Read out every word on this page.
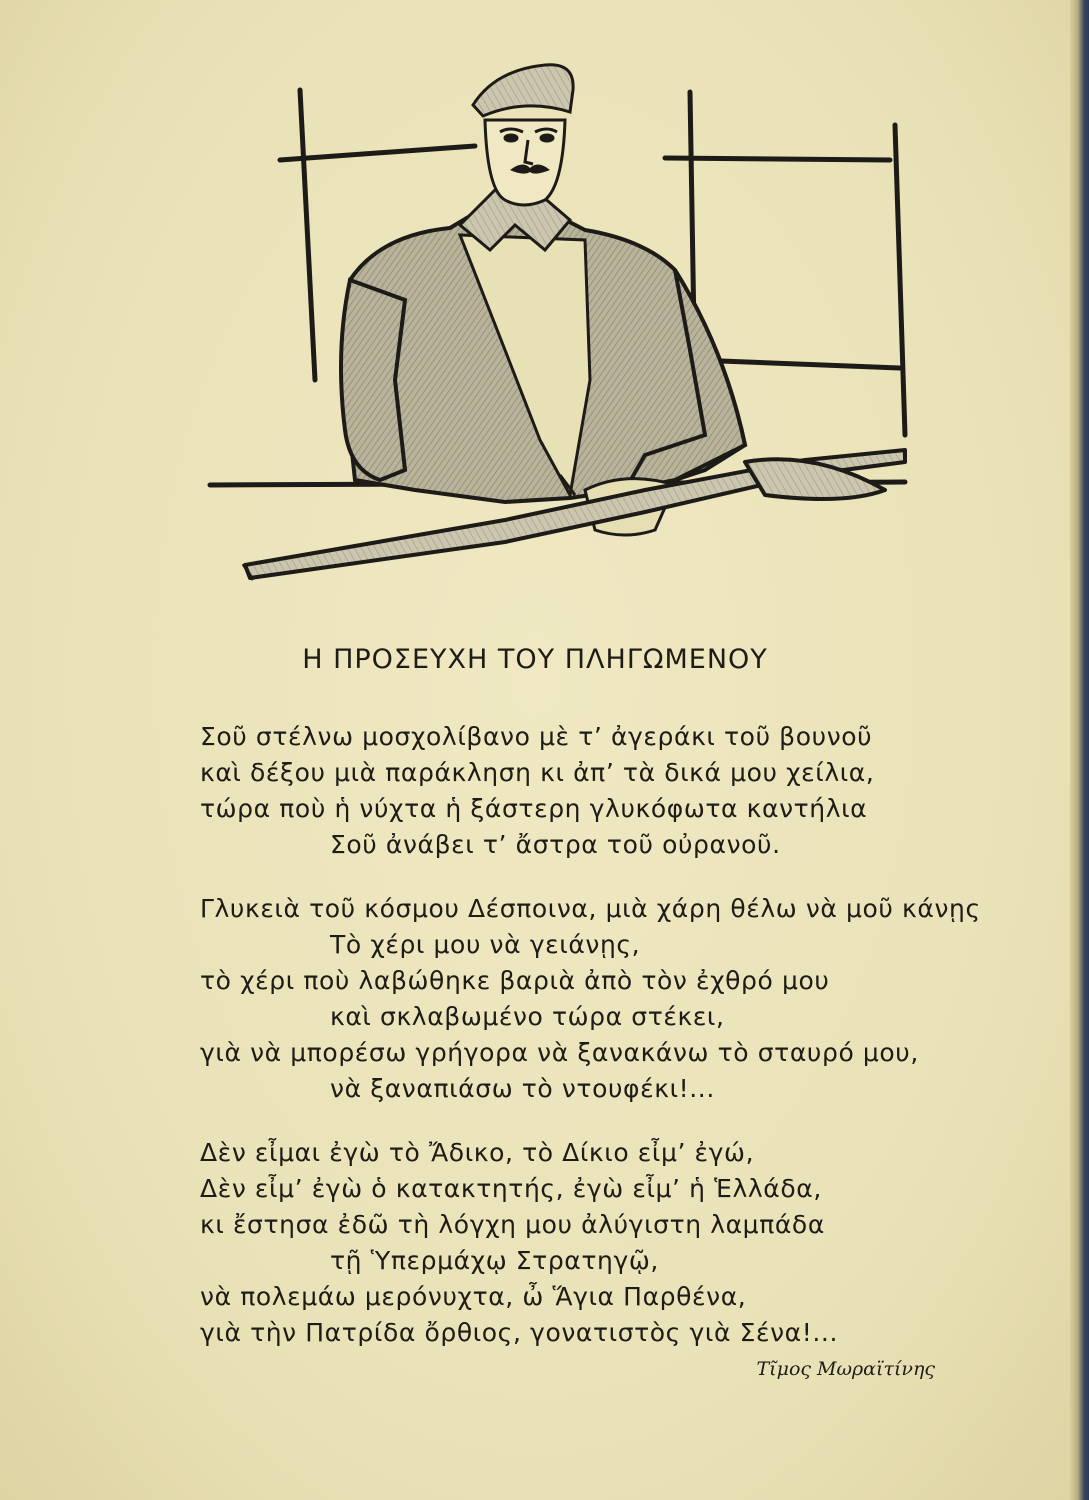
Η ΠΡΟΣΕΥΧΗ ΤΟΥ ΠΛΗΓΩΜΕΝΟΥ
Σοῦ στέλνω μοσχολίβανο μὲ τ’ ἀγεράκι τοῦ βουνοῦ
καὶ δέξου μιὰ παράκληση κι ἀπ’ τὰ δικά μου χείλια,
τώρα ποὺ ἡ νύχτα ἡ ξάστερη γλυκόφωτα καντήλια
Σοῦ ἀνάβει τ’ ἄστρα τοῦ οὐρανοῦ.
Γλυκειὰ τοῦ κόσμου Δέσποινα, μιὰ χάρη θέλω νὰ μοῦ κάνῃς
Τὸ χέρι μου νὰ γειάνῃς,
τὸ χέρι ποὺ λαβώθηκε βαριὰ ἀπὸ τὸν ἐχθρό μου
καὶ σκλαβωμένο τώρα στέκει,
γιὰ νὰ μπορέσω γρήγορα νὰ ξανακάνω τὸ σταυρό μου,
νὰ ξαναπιάσω τὸ ντουφέκι!...
Δὲν εἶμαι ἐγὼ τὸ Ἄδικο, τὸ Δίκιο εἶμ’ ἐγώ,
Δὲν εἶμ’ ἐγὼ ὁ κατακτητής, ἐγὼ εἶμ’ ἡ Ἑλλάδα,
κι ἔστησα ἐδῶ τὴ λόγχη μου ἀλύγιστη λαμπάδα
τῇ Ὑπερμάχῳ Στρατηγῷ,
νὰ πολεμάω μερόνυχτα, ὦ Ἅγια Παρθένα,
γιὰ τὴν Πατρίδα ὄρθιος, γονατιστὸς γιὰ Σένα!...
Τῖμος Μωραϊτίνης
